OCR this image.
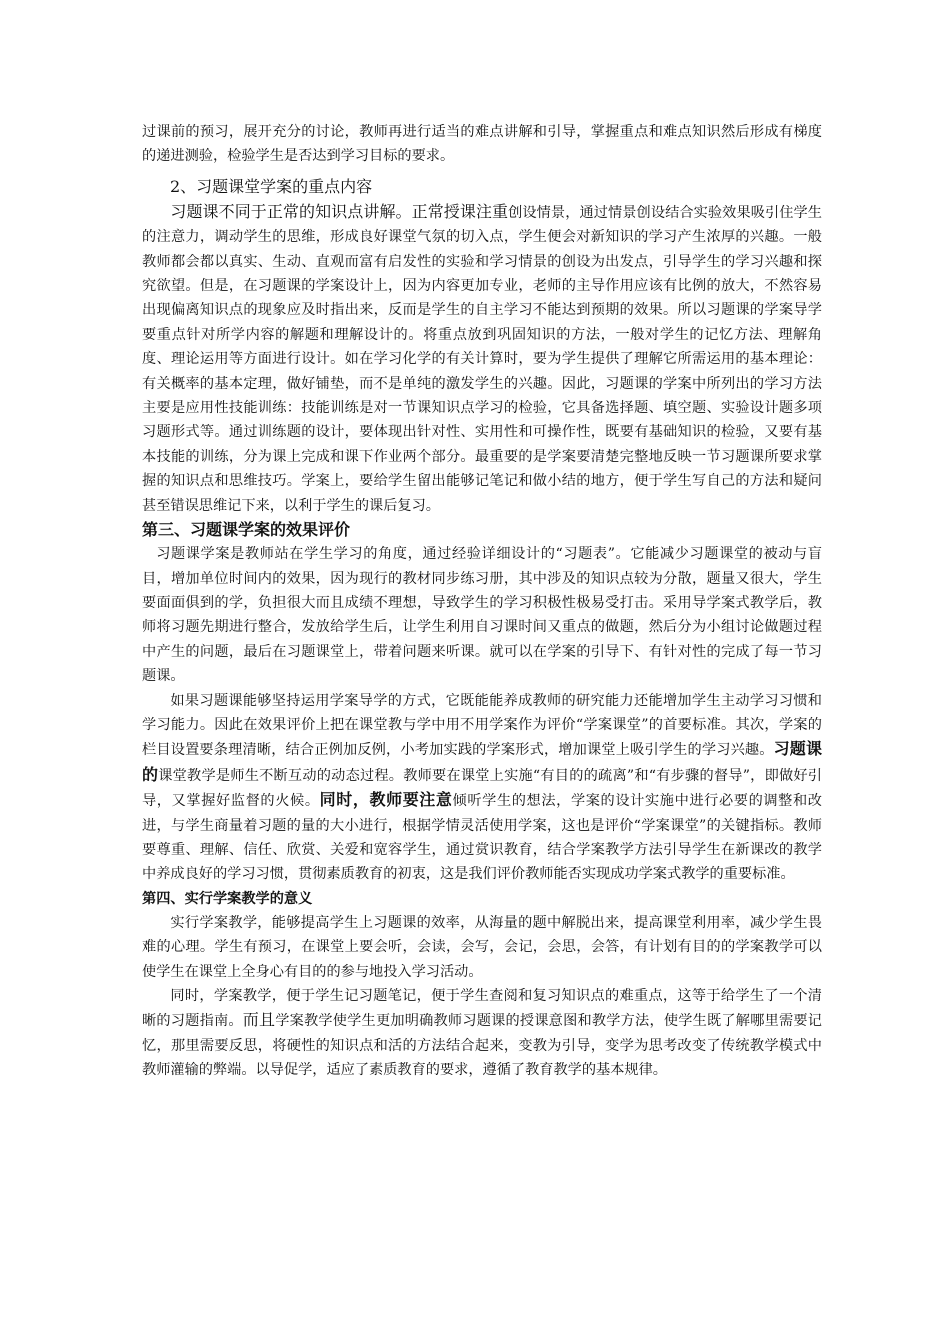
过课前的预习，展开充分的讨论，教师再进行适当的难点讲解和引导，掌握重点和难点知识然后形成有梯度的递进测验，检验学生是否达到学习目标的要求。

2、习题课堂学案的重点内容

习题课不同于正常的知识点讲解。正常授课注重创设情景，通过情景创设结合实验效果吸引住学生的注意力，调动学生的思维，形成良好课堂气氛的切入点，学生便会对新知识的学习产生浓厚的兴趣。一般教师都会都以真实、生动、直观而富有启发性的实验和学习情景的创设为出发点，引导学生的学习兴趣和探究欲望。但是，在习题课的学案设计上，因为内容更加专业，老师的主导作用应该有比例的放大，不然容易出现偏离知识点的现象应及时指出来，反而是学生的自主学习不能达到预期的效果。所以习题课的学案导学要重点针对所学内容的解题和理解设计的。将重点放到巩固知识的方法，一般对学生的记忆方法、理解角度、理论运用等方面进行设计。如在学习化学的有关计算时，要为学生提供了理解它所需运用的基本理论：有关概率的基本定理，做好铺垫，而不是单纯的激发学生的兴趣。因此，习题课的学案中所列出的学习方法主要是应用性技能训练：技能训练是对一节课知识点学习的检验，它具备选择题、填空题、实验设计题多项习题形式等。通过训练题的设计，要体现出针对性、实用性和可操作性，既要有基础知识的检验，又要有基本技能的训练，分为课上完成和课下作业两个部分。最重要的是学案要清楚完整地反映一节习题课所要求掌握的知识点和思维技巧。学案上，要给学生留出能够记笔记和做小结的地方，便于学生写自己的方法和疑问甚至错误思维记下来，以利于学生的课后复习。

第三、习题课学案的效果评价

习题课学案是教师站在学生学习的角度，通过经验详细设计的“习题表”。它能减少习题课堂的被动与盲目，增加单位时间内的效果，因为现行的教材同步练习册，其中涉及的知识点较为分散，题量又很大，学生要面面俱到的学，负担很大而且成绩不理想，导致学生的学习积极性极易受打击。采用导学案式教学后，教师将习题先期进行整合，发放给学生后，让学生利用自习课时间又重点的做题，然后分为小组讨论做题过程中产生的问题，最后在习题课堂上，带着问题来听课。就可以在学案的引导下、有针对性的完成了每一节习题课。

如果习题课能够坚持运用学案导学的方式，它既能能养成教师的研究能力还能增加学生主动学习习惯和学习能力。因此在效果评价上把在课堂教与学中用不用学案作为评价“学案课堂”的首要标准。其次，学案的栏目设置要条理清晰，结合正例加反例，小考加实践的学案形式，增加课堂上吸引学生的学习兴趣。习题课的课堂教学是师生不断互动的动态过程。教师要在课堂上实施“有目的的疏离”和“有步骤的督导”，即做好引导，又掌握好监督的火候。同时，教师要注意倾听学生的想法，学案的设计实施中进行必要的调整和改进，与学生商量着习题的量的大小进行，根据学情灵活使用学案，这也是评价“学案课堂”的关键指标。教师要尊重、理解、信任、欣赏、关爱和宽容学生，通过赏识教育，结合学案教学方法引导学生在新课改的教学中养成良好的学习习惯，贯彻素质教育的初衷，这是我们评价教师能否实现成功学案式教学的重要标准。

第四、实行学案教学的意义

实行学案教学，能够提高学生上习题课的效率，从海量的题中解脱出来，提高课堂利用率，减少学生畏难的心理。学生有预习，在课堂上要会听，会读，会写，会记，会思，会答，有计划有目的的学案教学可以使学生在课堂上全身心有目的的参与地投入学习活动。

同时，学案教学，便于学生记习题笔记，便于学生查阅和复习知识点的难重点，这等于给学生了一个清晰的习题指南。而且学案教学使学生更加明确教师习题课的授课意图和教学方法，使学生既了解哪里需要记忆，那里需要反思，将硬性的知识点和活的方法结合起来，变教为引导，变学为思考改变了传统教学模式中教师灌输的弊端。以导促学，适应了素质教育的要求，遵循了教育教学的基本规律。
